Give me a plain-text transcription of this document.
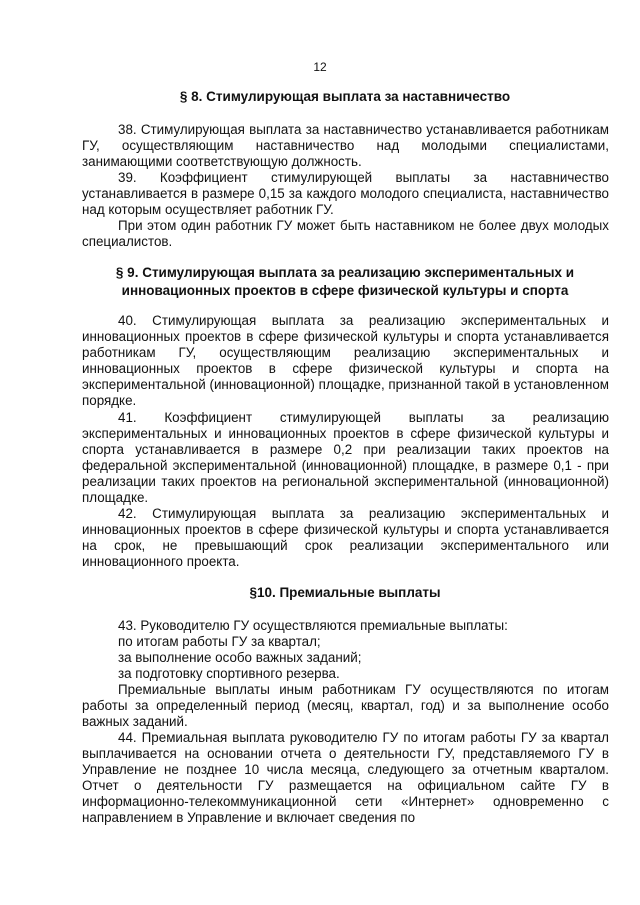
12
§ 8. Стимулирующая выплата за наставничество

38. Стимулирующая выплата за наставничество устанавливается работникам ГУ, осуществляющим наставничество над молодыми специалистами, занимающими соответствующую должность.

39. Коэффициент стимулирующей выплаты за наставничество устанавливается в размере 0,15 за каждого молодого специалиста, наставничество над которым осуществляет работник ГУ.

При этом один работник ГУ может быть наставником не более двух молодых специалистов.

§ 9. Стимулирующая выплата за реализацию экспериментальных и инновационных проектов в сфере физической культуры и спорта

40. Стимулирующая выплата за реализацию экспериментальных и инновационных проектов в сфере физической культуры и спорта устанавливается работникам ГУ, осуществляющим реализацию экспериментальных и инновационных проектов в сфере физической культуры и спорта на экспериментальной (инновационной) площадке, признанной такой в установленном порядке.

41. Коэффициент стимулирующей выплаты за реализацию экспериментальных и инновационных проектов в сфере физической культуры и спорта устанавливается в размере 0,2 при реализации таких проектов на федеральной экспериментальной (инновационной) площадке, в размере 0,1 - при реализации таких проектов на региональной экспериментальной (инновационной) площадке.

42. Стимулирующая выплата за реализацию экспериментальных и инновационных проектов в сфере физической культуры и спорта устанавливается на срок, не превышающий срок реализации экспериментального или инновационного проекта.

§10. Премиальные выплаты

43. Руководителю ГУ осуществляются премиальные выплаты:

по итогам работы ГУ за квартал;

за выполнение особо важных заданий;

за подготовку спортивного резерва.

Премиальные выплаты иным работникам ГУ осуществляются по итогам работы за определенный период (месяц, квартал, год) и за выполнение особо важных заданий.

44. Премиальная выплата руководителю ГУ по итогам работы ГУ за квартал выплачивается на основании отчета о деятельности ГУ, представляемого ГУ в Управление не позднее 10 числа месяца, следующего за отчетным кварталом. Отчет о деятельности ГУ размещается на официальном сайте ГУ в информационно-телекоммуникационной сети «Интернет» одновременно с направлением в Управление и включает сведения по
